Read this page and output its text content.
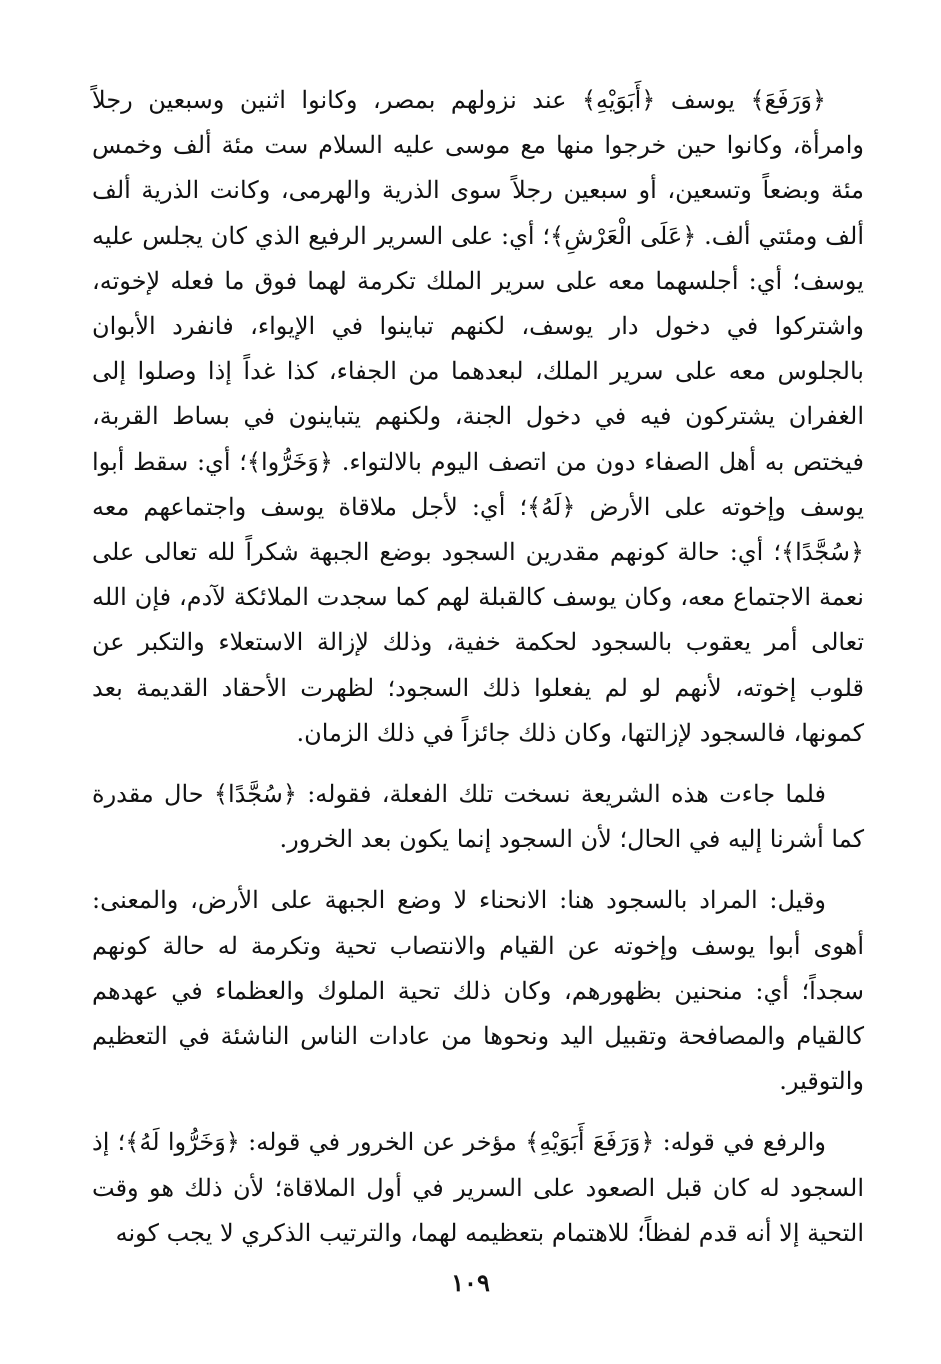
﴿وَرَفَعَ﴾ يوسف ﴿أَبَوَيْهِ﴾ عند نزولهم بمصر، وكانوا اثنين وسبعين رجلاً وامرأة، وكانوا حين خرجوا منها مع موسى عليه السلام ست مئة ألف وخمس مئة وبضعاً وتسعين، أو سبعين رجلاً سوى الذرية والهرمى، وكانت الذرية ألف ألف ومئتي ألف. ﴿عَلَى الْعَرْشِ﴾؛ أي: على السرير الرفيع الذي كان يجلس عليه يوسف؛ أي: أجلسهما معه على سرير الملك تكرمة لهما فوق ما فعله لإخوته، واشتركوا في دخول دار يوسف، لكنهم تباينوا في الإيواء، فانفرد الأبوان بالجلوس معه على سرير الملك، لبعدهما من الجفاء، كذا غداً إذا وصلوا إلى الغفران يشتركون فيه في دخول الجنة، ولكنهم يتباينون في بساط القربة، فيختص به أهل الصفاء دون من اتصف اليوم بالالتواء. ﴿وَخَرُّوا﴾؛ أي: سقط أبوا يوسف وإخوته على الأرض ﴿لَهُ﴾؛ أي: لأجل ملاقاة يوسف واجتماعهم معه ﴿سُجَّدًا﴾؛ أي: حالة كونهم مقدرين السجود بوضع الجبهة شكراً لله تعالى على نعمة الاجتماع معه، وكان يوسف كالقبلة لهم كما سجدت الملائكة لآدم، فإن الله تعالى أمر يعقوب بالسجود لحكمة خفية، وذلك لإزالة الاستعلاء والتكبر عن قلوب إخوته، لأنهم لو لم يفعلوا ذلك السجود؛ لظهرت الأحقاد القديمة بعد كمونها، فالسجود لإزالتها، وكان ذلك جائزاً في ذلك الزمان.

فلما جاءت هذه الشريعة نسخت تلك الفعلة، فقوله: ﴿سُجَّدًا﴾ حال مقدرة كما أشرنا إليه في الحال؛ لأن السجود إنما يكون بعد الخرور.

وقيل: المراد بالسجود هنا: الانحناء لا وضع الجبهة على الأرض، والمعنى: أهوى أبوا يوسف وإخوته عن القيام والانتصاب تحية وتكرمة له حالة كونهم سجداً؛ أي: منحنين بظهورهم، وكان ذلك تحية الملوك والعظماء في عهدهم كالقيام والمصافحة وتقبيل اليد ونحوها من عادات الناس الناشئة في التعظيم والتوقير.

والرفع في قوله: ﴿وَرَفَعَ أَبَوَيْهِ﴾ مؤخر عن الخرور في قوله: ﴿وَخَرُّوا لَهُ﴾؛ إذ السجود له كان قبل الصعود على السرير في أول الملاقاة؛ لأن ذلك هو وقت التحية إلا أنه قدم لفظاً؛ للاهتمام بتعظيمه لهما، والترتيب الذكري لا يجب كونه

١٠٩
